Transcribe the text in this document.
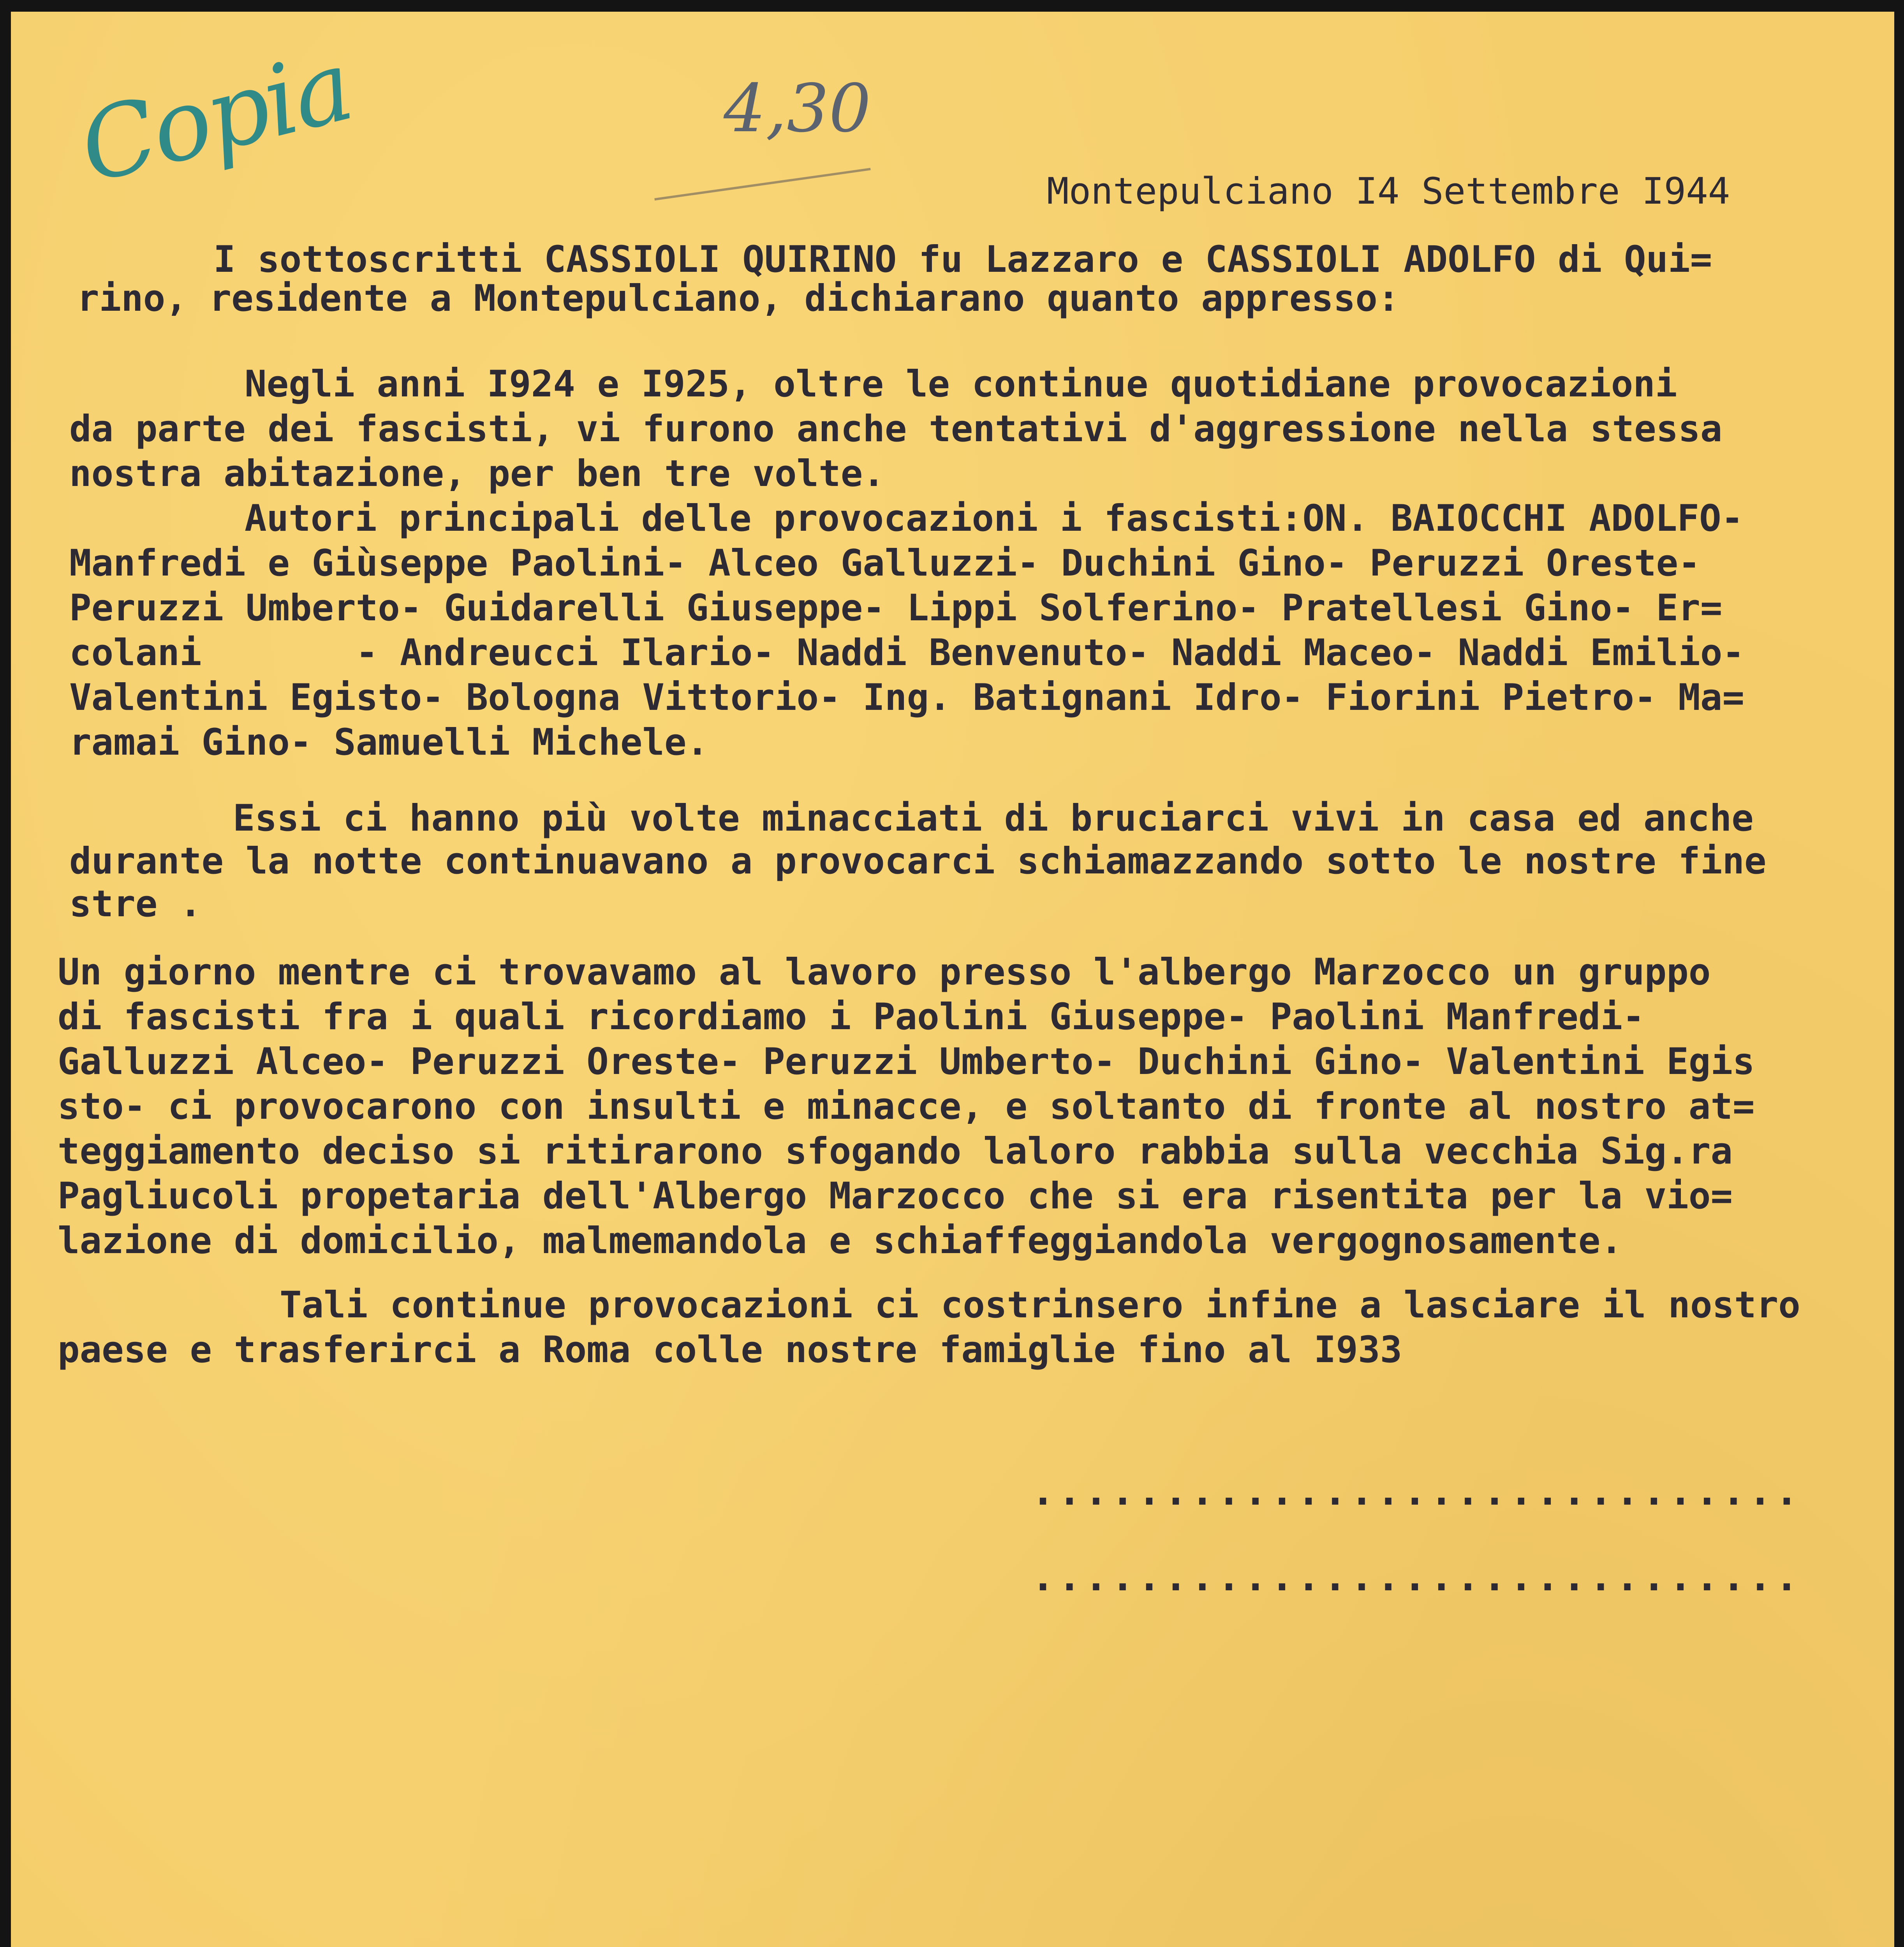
Copia	4,30
Montepulciano I4 Settembre I944
I sottoscritti CASSIOLI QUIRINO fu Lazzaro e CASSIOLI ADOLFO di Qui=
rino, residente a Montepulciano, dichiarano quanto appresso:
Negli anni I924 e I925, oltre le continue quotidiane provocazioni
da parte dei fascisti, vi furono anche tentativi d'aggressione nella stessa
nostra abitazione, per ben tre volte.
Autori principali delle provocazioni i fascisti:ON. BAIOCCHI ADOLFO-
Manfredi e Giùseppe Paolini- Alceo Galluzzi- Duchini Gino- Peruzzi Oreste-
Peruzzi Umberto- Guidarelli Giuseppe- Lippi Solferino- Pratellesi Gino- Er=
colani       - Andreucci Ilario- Naddi Benvenuto- Naddi Maceo- Naddi Emilio-
Valentini Egisto- Bologna Vittorio- Ing. Batignani Idro- Fiorini Pietro- Ma=
ramai Gino- Samuelli Michele.
Essi ci hanno più volte minacciati di bruciarci vivi in casa ed anche
durante la notte continuavano a provocarci schiamazzando sotto le nostre fine
stre .
Un giorno mentre ci trovavamo al lavoro presso l'albergo Marzocco un gruppo
di fascisti fra i quali ricordiamo i Paolini Giuseppe- Paolini Manfredi-
Galluzzi Alceo- Peruzzi Oreste- Peruzzi Umberto- Duchini Gino- Valentini Egis
sto- ci provocarono con insulti e minacce, e soltanto di fronte al nostro at=
teggiamento deciso si ritirarono sfogando laloro rabbia sulla vecchia Sig.ra
Pagliucoli propetaria dell'Albergo Marzocco che si era risentita per la vio=
lazione di domicilio, malmemandola e schiaffeggiandola vergognosamente.
Tali continue provocazioni ci costrinsero infine a lasciare il nostro
paese e trasferirci a Roma colle nostre famiglie fino al I933
.............................
.............................
